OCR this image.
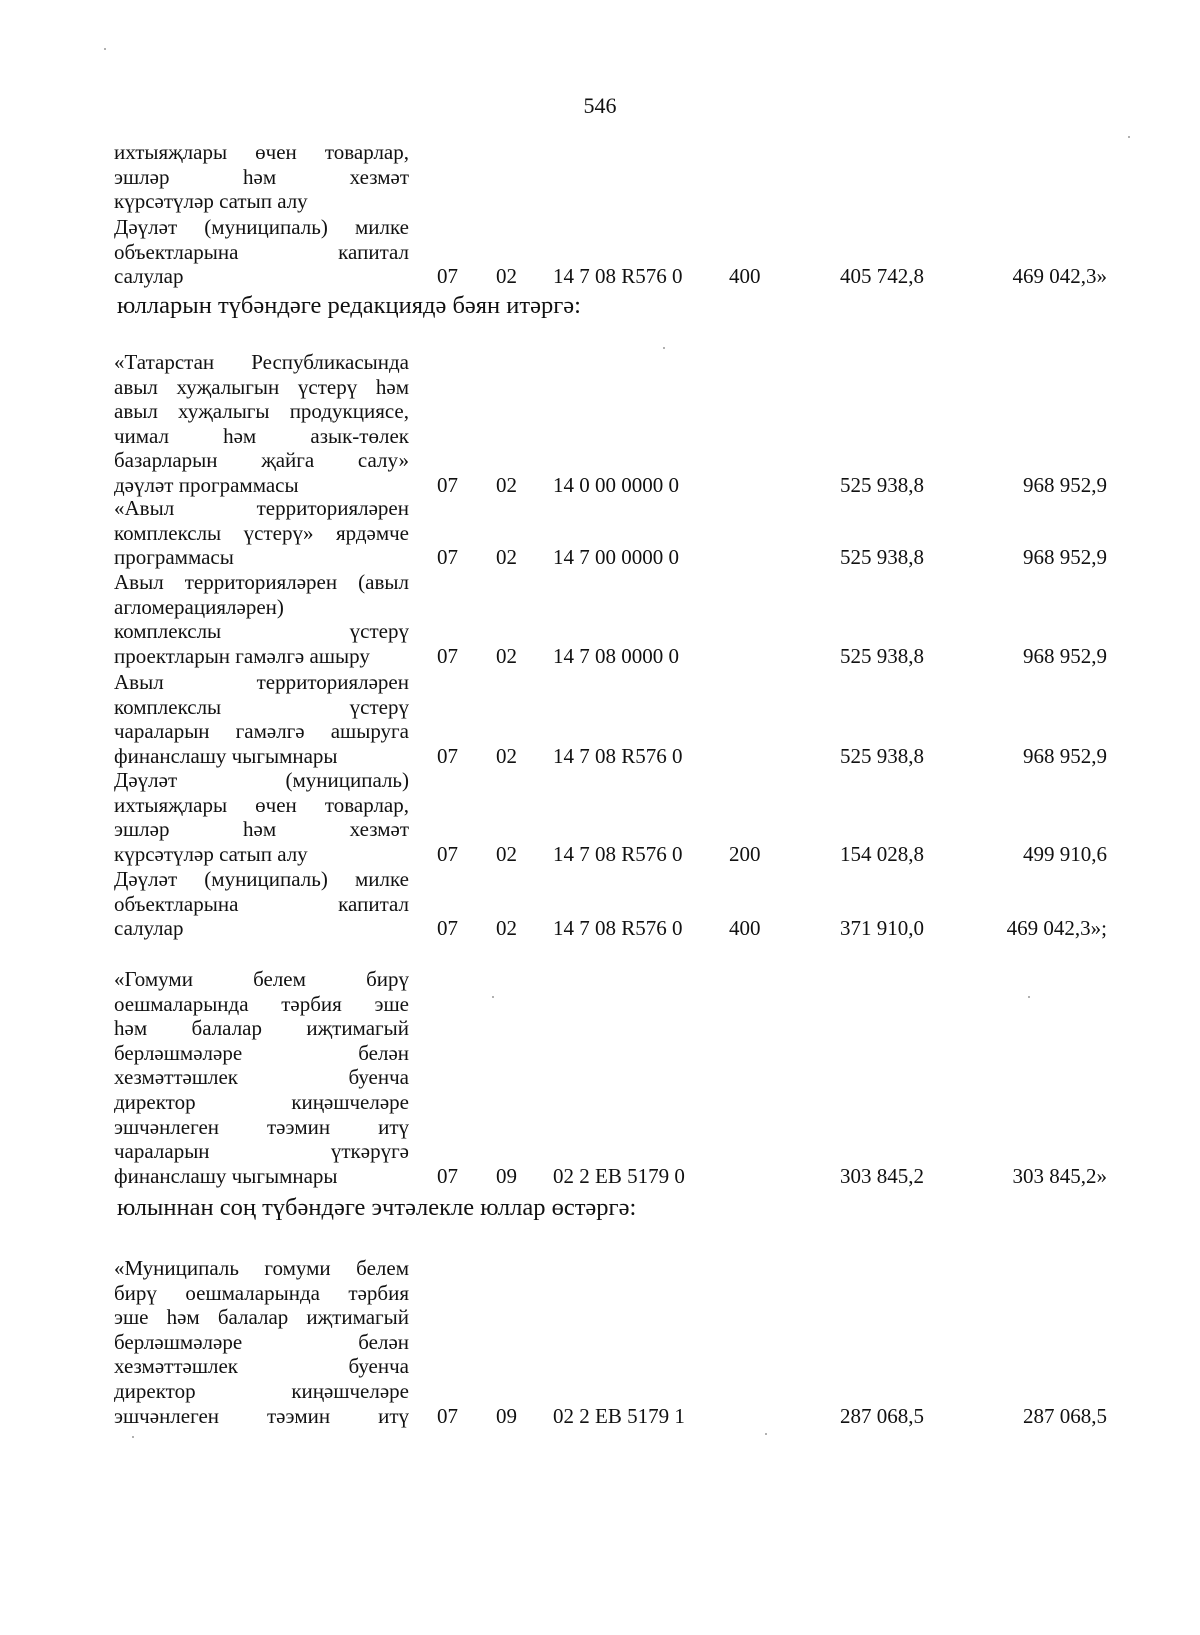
546
юлларын түбәндәге редакциядә бәян итәргә:
юлыннан соң түбәндәге эчтәлекле юллар өстәргә:
ихтыяҗлары өчен товарлар,
эшләр һәм хезмәт
күрсәтүләр сатып алу
Дәүләт (муниципаль) милке
объектларына капитал
салулар	07 02 14 7 08 R576 0 400	405 742,8	469 042,3»
«Татарстан Республикасында
авыл хуҗалыгын үстерү һәм
авыл хуҗалыгы продукциясе,
чимал һәм азык-төлек
базарларын җайга салу»
дәүләт программасы	07 02 14 0 00 0000 0	525 938,8	968 952,9
«Авыл территорияләрен
комплекслы үстерү» ярдәмче
программасы	07 02 14 7 00 0000 0	525 938,8	968 952,9
Авыл территорияләрен (авыл
агломерацияләрен)
комплекслы үстерү
проектларын гамәлгә ашыру	07 02 14 7 08 0000 0	525 938,8	968 952,9
Авыл территорияләрен
комплекслы үстерү
чараларын гамәлгә ашыруга
финанслашу чыгымнары	07 02 14 7 08 R576 0	525 938,8	968 952,9
Дәүләт (муниципаль)
ихтыяҗлары өчен товарлар,
эшләр һәм хезмәт
күрсәтүләр сатып алу	07 02 14 7 08 R576 0 200	154 028,8	499 910,6
Дәүләт (муниципаль) милке
объектларына капитал
салулар	07 02 14 7 08 R576 0 400	371 910,0	469 042,3»;
«Гомуми белем бирү
оешмаларында тәрбия эше
һәм балалар иҗтимагый
берләшмәләре белән
хезмәттәшлек буенча
директор киңәшчеләре
эшчәнлеген тәэмин итү
чараларын үткәрүгә
финанслашу чыгымнары	07 09 02 2 ЕВ 5179 0	303 845,2	303 845,2»
«Муниципаль гомуми белем
бирү оешмаларында тәрбия
эше һәм балалар иҗтимагый
берләшмәләре белән
хезмәттәшлек буенча
директор киңәшчеләре
эшчәнлеген тәэмин итү 07 09 02 2 ЕВ 5179 1	287 068,5	287 068,5
